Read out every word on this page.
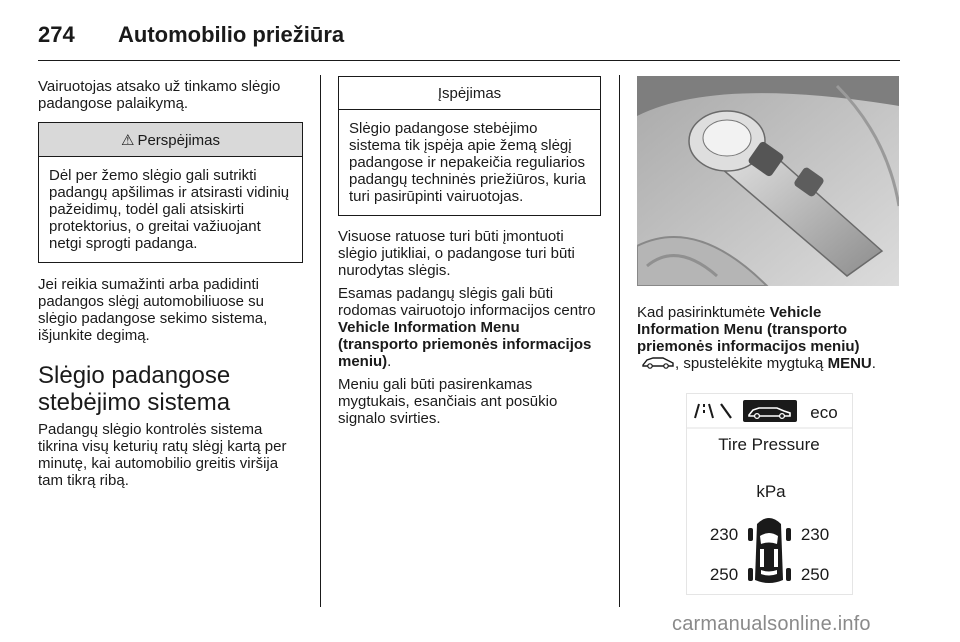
274 Automobilio priežiūra

Vairuotojas atsako už tinkamo slėgio padangose palaikymą.

⚠ Perspėjimas
Dėl per žemo slėgio gali sutrikti padangų apšilimas ir atsirasti vidinių pažeidimų, todėl gali atsiskirti protektorius, o greitai važiuojant netgi sprogti padanga.

Jei reikia sumažinti arba padidinti padangos slėgį automobiliuose su slėgio padangose sekimo sistema, išjunkite degimą.

Slėgio padangose stebėjimo sistema

Padangų slėgio kontrolės sistema tikrina visų keturių ratų slėgį kartą per minutę, kai automobilio greitis viršija tam tikrą ribą.

Įspėjimas
Slėgio padangose stebėjimo sistema tik įspėja apie žemą slėgį padangose ir nepakeičia reguliarios padangų techninės priežiūros, kuria turi pasirūpinti vairuotojas.

Visuose ratuose turi būti įmontuoti slėgio jutikliai, o padangose turi būti nurodytas slėgis.

Esamas padangų slėgis gali būti rodomas vairuotojo informacijos centro Vehicle Information Menu (transporto priemonės informacijos meniu).

Meniu gali būti pasirenkamas mygtukais, esančiais ant posūkio signalo svirties.

Kad pasirinktumėte Vehicle Information Menu (transporto priemonės informacijos meniu) , spustelėkite mygtuką MENU.

eco
Tire Pressure
kPa
230	230
250	250
carmanualsonline.info
